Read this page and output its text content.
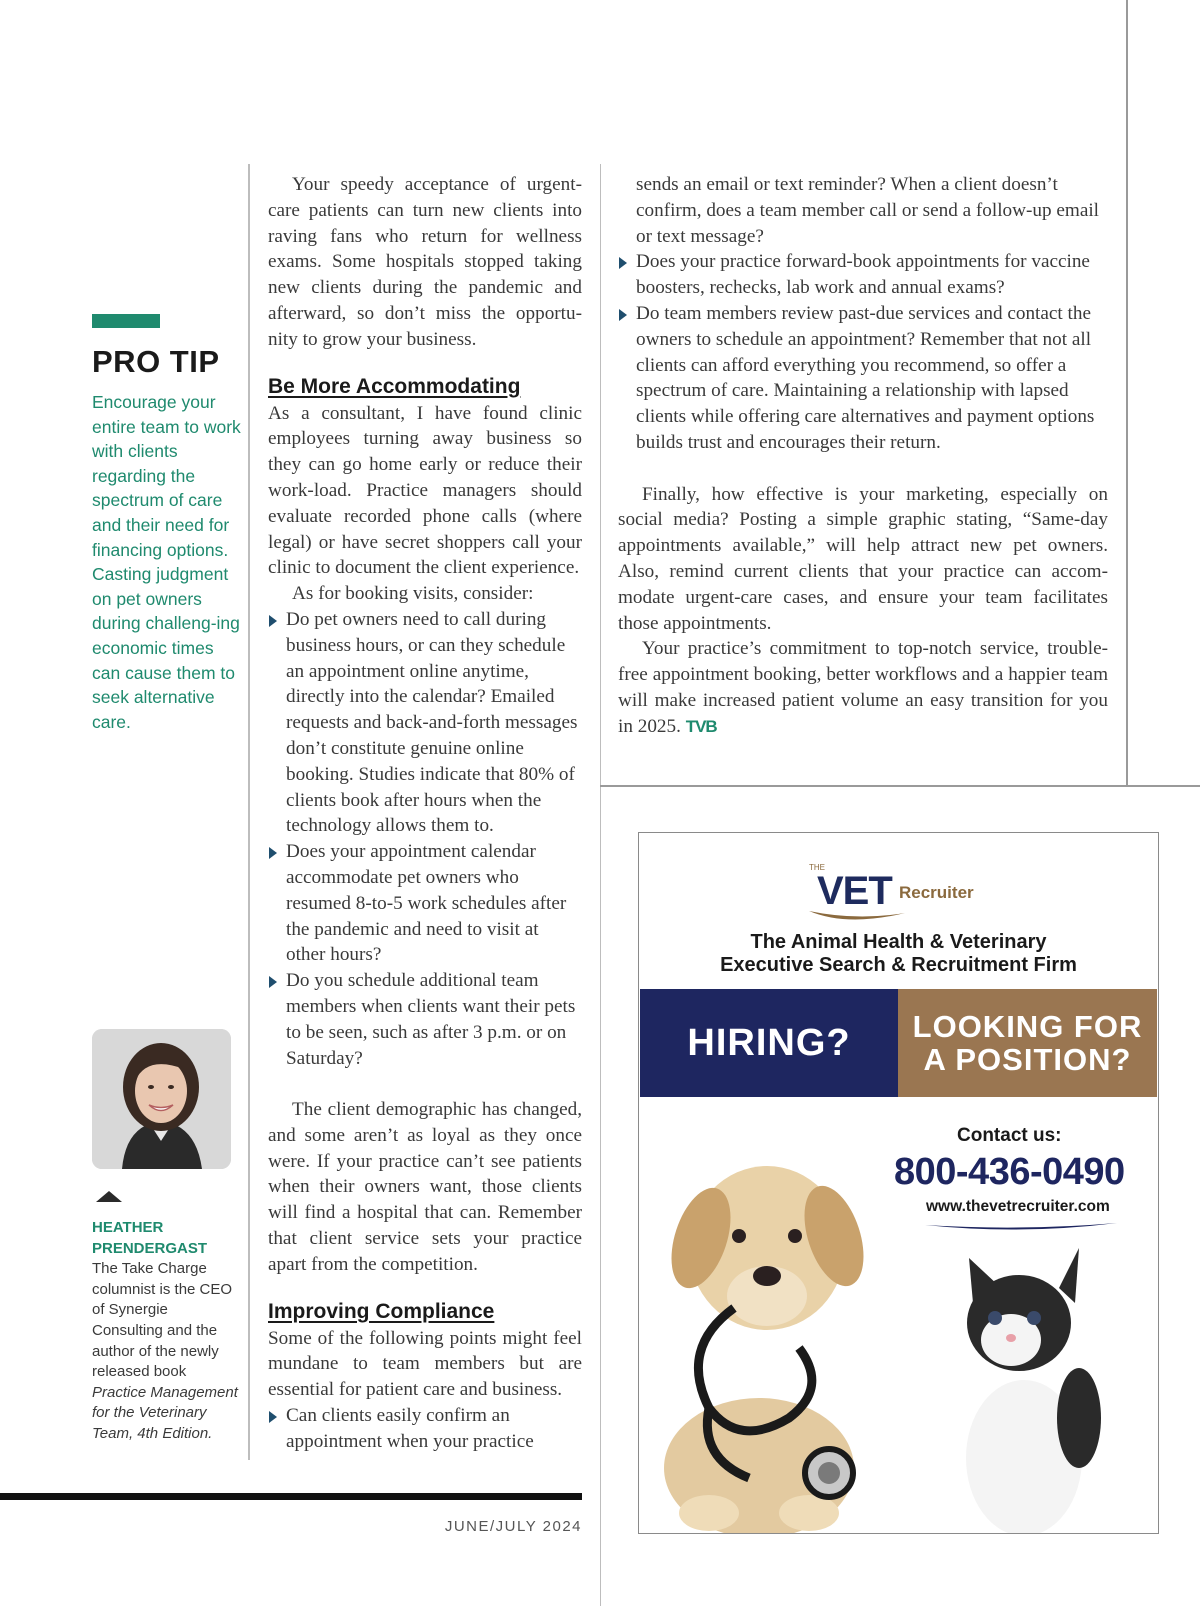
PRO TIP
Encourage your entire team to work with clients regarding the spectrum of care and their need for financing options. Casting judgment on pet owners during challeng-ing economic times can cause them to seek alternative care.
HEATHER
PRENDERGAST
The Take Charge columnist is the CEO of Synergie Consulting and the author of the newly released book Practice Management for the Veterinary Team, 4th Edition.

Your speedy acceptance of urgent-care patients can turn new clients into raving fans who return for wellness exams. Some hospitals stopped taking new clients during the pandemic and afterward, so don’t miss the opportu-nity to grow your business.

Be More Accommodating

As a consultant, I have found clinic employees turning away business so they can go home early or reduce their work-load. Practice managers should evaluate recorded phone calls (where legal) or have secret shoppers call your clinic to document the client experience.

As for booking visits, consider:

Do pet owners need to call during business hours, or can they schedule an appointment online anytime, directly into the calendar? Emailed requests and back-and-forth messages don’t constitute genuine online booking. Studies indicate that 80% of clients book after hours when the technology allows them to.
Does your appointment calendar accommodate pet owners who resumed 8-to-5 work schedules after the pandemic and need to visit at other hours?
Do you schedule additional team members when clients want their pets to be seen, such as after 3 p.m. or on Saturday?

The client demographic has changed, and some aren’t as loyal as they once were. If your practice can’t see patients when their owners want, those clients will find a hospital that can. Remember that client service sets your practice apart from the competition.

Improving Compliance

Some of the following points might feel mundane to team members but are essential for patient care and business.

Can clients easily confirm an appointment when your practice
sends an email or text reminder? When a client doesn’t confirm, does a team member call or send a follow-up email or text message?
Does your practice forward-book appointments for vaccine boosters, rechecks, lab work and annual exams?
Do team members review past-due services and contact the owners to schedule an appointment? Remember that not all clients can afford everything you recommend, so offer a spectrum of care. Maintaining a relationship with lapsed clients while offering care alternatives and payment options builds trust and encourages their return.

Finally, how effective is your marketing, especially on social media? Posting a simple graphic stating, “Same-day appointments available,” will help attract new pet owners. Also, remind current clients that your practice can accom-modate urgent-care cases, and ensure your team facilitates those appointments.

Your practice’s commitment to top-notch service, trouble-free appointment booking, better workflows and a happier team will make increased patient volume an easy transition for you in 2025. TVB

JUNE/JULY 2024
THE
VET Recruiter
The Animal Health & Veterinary
Executive Search & Recruitment Firm
HIRING?	LOOKING FOR
A POSITION?
Contact us:
800-436-0490
www.thevetrecruiter.com
